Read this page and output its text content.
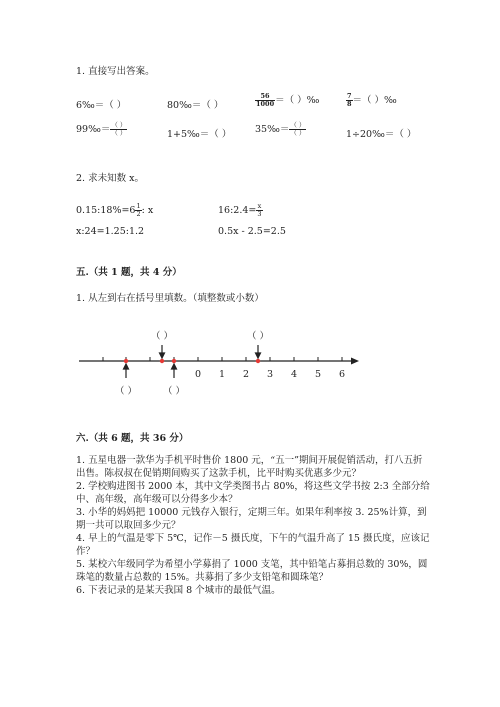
1. 直接写出答案。
6‰＝（ ）	80‰＝（ ）	$\frac{56}{1000}$ ＝（ ）‰	$\frac{7}{8}$ ＝（ ）‰
99‰＝ $\frac{( )}{( )}$	1+5‰＝（ ） 35‰＝ $\frac{( )}{( )}$	1÷20‰＝（ ）
2. 求未知数 x。
0.15:18%=6 $\frac{1}{2}$ : x	16:2.4= $\frac{x}{3}$
x:24=1.25:1.2	0.5x - 2.5=2.5
五.（共 1 题，共 4 分）
1. 从左到右在括号里填数。（填整数或小数）
0 1 2 3 4 5 6
（ ）	（ ）
（ ）	（ ）
六.（共 6 题，共 36 分）
1. 五星电器一款华为手机平时售价 1800 元，“五一”期间开展促销活动，打八五折出售。陈叔叔在促销期间购买了这款手机，比平时购买优惠多少元？
2. 学校购进图书 2000 本，其中文学类图书占 80%，将这些文学书按 2:3 全部分给中、高年级，高年级可以分得多少本？
3. 小华的妈妈把 10000 元钱存入银行，定期三年。如果年利率按 3. 25%计算，到期一共可以取回多少元？
4. 早上的气温是零下 5℃，记作－5 摄氏度，下午的气温升高了 15 摄氏度，应该记作？
5. 某校六年级同学为希望小学募捐了 1000 支笔，其中铅笔占募捐总数的 30%，圆珠笔的数量占总数的 15%。共募捐了多少支铅笔和圆珠笔？
6. 下表记录的是某天我国 8 个城市的最低气温。
